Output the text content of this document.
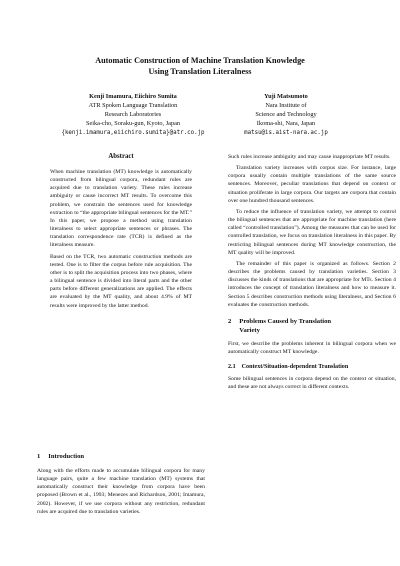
Automatic Construction of Machine Translation Knowledge
Using Translation Literalness
Kenji Imamura, Eiichiro Sumita
ATR Spoken Language Translation
Research Laboratories
Seika-cho, Soraku-gun, Kyoto, Japan
{kenji.imamura,eiichiro.sumita}@atr.co.jp
Yuji Matsumoto
Nara Institute of
Science and Technology
Ikoma-shi, Nara, Japan
matsu@is.aist-nara.ac.jp
Abstract

When machine translation (MT) knowledge is automatically constructed from bilingual corpora, redundant rules are acquired due to translation variety. These rules increase ambiguity or cause incorrect MT results. To overcome this problem, we constrain the sentences used for knowledge extraction to “the appropriate bilingual sentences for the MT.” In this paper, we propose a method using translation literalness to select appropriate sentences or phrases. The translation correspondence rate (TCR) is defined as the literalness measure.

Based on the TCR, two automatic construction methods are tested. One is to filter the corpus before rule acquisition. The other is to split the acquisition process into two phases, where a bilingual sentence is divided into literal parts and the other parts before different generalizations are applied. The effects are evaluated by the MT quality, and about 4.9% of MT results were improved by the latter method.

1 Introduction

Along with the efforts made to accumulate bilingual corpora for many language pairs, quite a few machine translation (MT) systems that automatically construct their knowledge from corpora have been proposed (Brown et al., 1993; Menezes and Richardson, 2001; Imamura, 2002). However, if we use corpora without any restriction, redundant rules are acquired due to translation varieties.

Such rules increase ambiguity and may cause inappropriate MT results.

Translation variety increases with corpus size. For instance, large corpora usually contain multiple translations of the same source sentences. Moreover, peculiar translations that depend on context or situation proliferate in large corpora. Our targets are corpora that contain over one hundred thousand sentences.

To reduce the influence of translation variety, we attempt to control the bilingual sentences that are appropriate for machine translation (here called “controlled translation”). Among the measures that can be used for controlled translation, we focus on translation literalness in this paper. By restricting bilingual sentences during MT knowledge construction, the MT quality will be improved.

The remainder of this paper is organized as follows. Section 2 describes the problems caused by translation varieties. Section 3 discusses the kinds of translations that are appropriate for MTs. Section 4 introduces the concept of translation literalness and how to measure it. Section 5 describes construction methods using literalness, and Section 6 evaluates the construction methods.

2 Problems Caused by Translation
Variety

First, we describe the problems inherent in bilingual corpora when we automatically construct MT knowledge.

2.1 Context/Situation-dependent Translation

Some bilingual sentences in corpora depend on the context or situation, and these are not always correct in different contexts.
